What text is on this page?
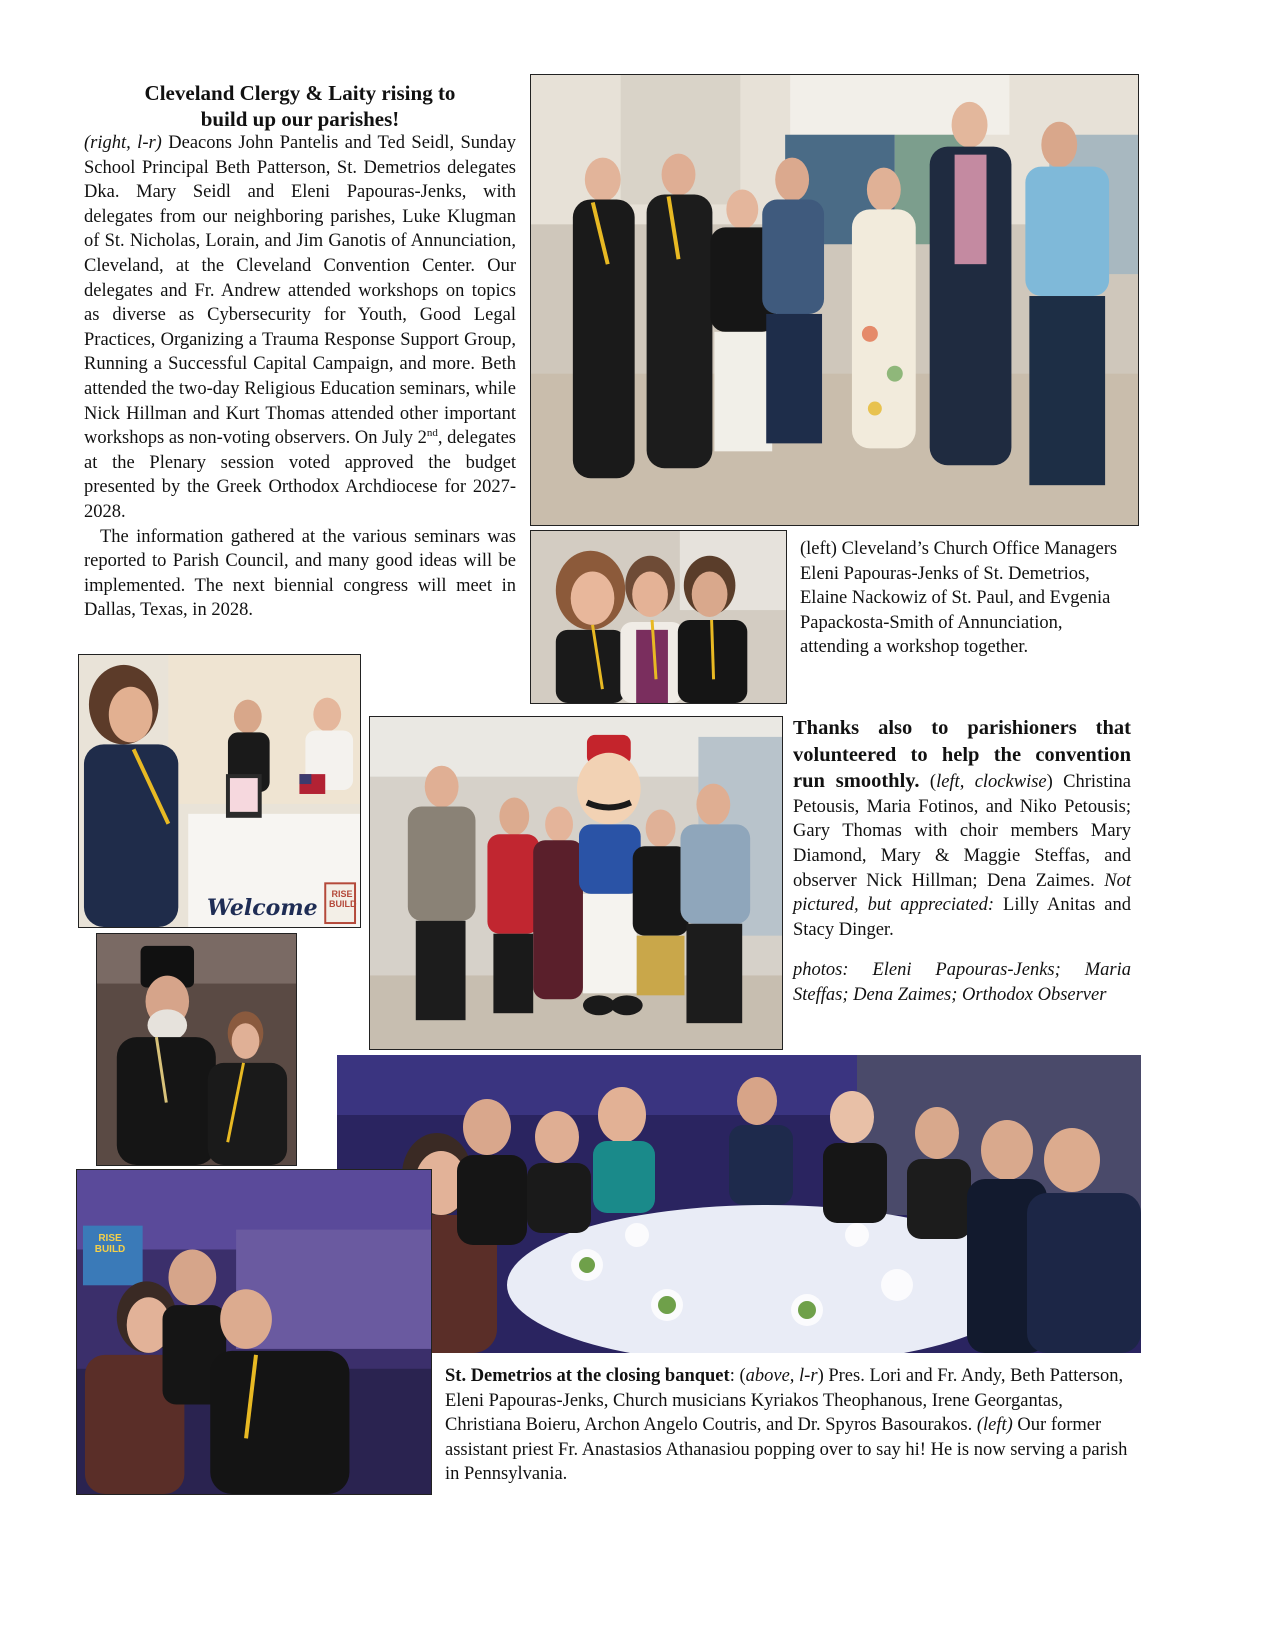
Cleveland Clergy & Laity rising to
build up our parishes!
(right, l-r) Deacons John Pantelis and Ted Seidl, Sunday School Principal Beth Patterson, St. Demetrios delegates Dka. Mary Seidl and Eleni Papouras-Jenks, with delegates from our neighboring parishes, Luke Klugman of St. Nicholas, Lorain, and Jim Ganotis of Annunciation, Cleveland, at the Cleveland Convention Center. Our delegates and Fr. Andrew attended workshops on topics as diverse as Cybersecurity for Youth, Good Legal Practices, Organizing a Trauma Response Support Group, Running a Successful Capital Campaign, and more. Beth attended the two-day Religious Education seminars, while Nick Hillman and Kurt Thomas attended other important workshops as non-voting observers. On July 2nd, delegates at the Plenary session voted approved the budget presented by the Greek Orthodox Archdiocese for 2027-2028.
The information gathered at the various seminars was reported to Parish Council, and many good ideas will be implemented. The next biennial congress will meet in Dallas, Texas, in 2028.
(left) Cleveland’s Church Office Managers Eleni Papouras-Jenks of St. Demetrios, Elaine Nackowiz of St. Paul, and Evgenia Papackosta-Smith of Annunciation, attending a workshop together.
Welcome
RISE
BUILD
Thanks also to parishioners that volunteered to help the convention run smoothly. (left, clockwise) Christina Petousis, Maria Fotinos, and Niko Petousis; Gary Thomas with choir members Mary Diamond, Mary & Maggie Steffas, and observer Nick Hillman; Dena Zaimes. Not pictured, but appreciated: Lilly Anitas and Stacy Dinger.
photos: Eleni Papouras-Jenks; Maria Steffas; Dena Zaimes; Orthodox Observer
RISE
BUILD
St. Demetrios at the closing banquet: (above, l-r) Pres. Lori and Fr. Andy, Beth Patterson, Eleni Papouras-Jenks, Church musicians Kyriakos Theophanous, Irene Georgantas, Christiana Boieru, Archon Angelo Coutris, and Dr. Spyros Basourakos. (left) Our former assistant priest Fr. Anastasios Athanasiou popping over to say hi! He is now serving a parish in Pennsylvania.
